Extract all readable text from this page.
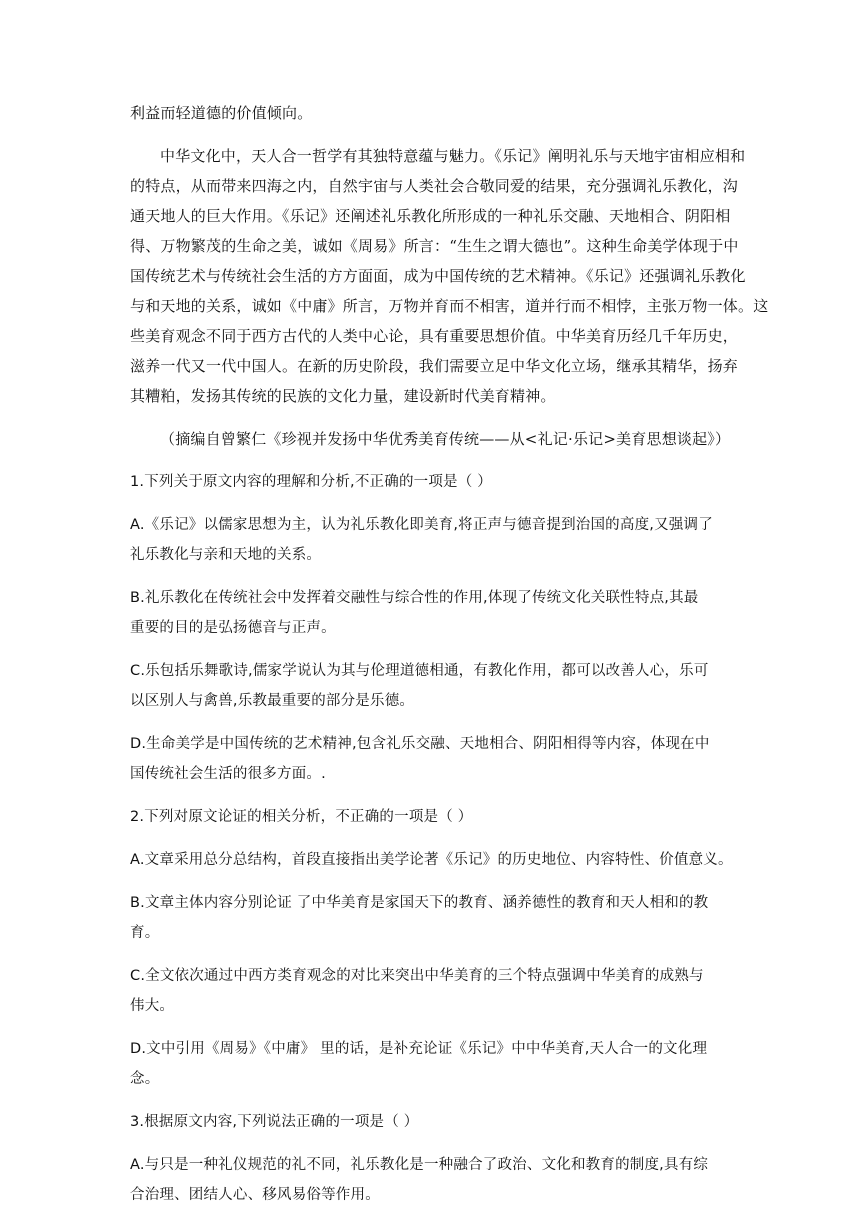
利益而轻道德的价值倾向。
中华文化中，天人合一哲学有其独特意蕴与魅力。《乐记》阐明礼乐与天地宇宙相应相和
的特点，从而带来四海之内，自然宇宙与人类社会合敬同爱的结果，充分强调礼乐教化，沟
通天地人的巨大作用。《乐记》还阐述礼乐教化所形成的一种礼乐交融、天地相合、阴阳相
得、万物繁茂的生命之美，诚如《周易》所言：“生生之谓大德也”。这种生命美学体现于中
国传统艺术与传统社会生活的方方面面，成为中国传统的艺术精神。《乐记》还强调礼乐教化
与和天地的关系，诚如《中庸》所言，万物并育而不相害，道并行而不相悖，主张万物一体。这
些美育观念不同于西方古代的人类中心论，具有重要思想价值。中华美育历经几千年历史，
滋养一代又一代中国人。在新的历史阶段，我们需要立足中华文化立场，继承其精华，扬弃
其糟粕，发扬其传统的民族的文化力量，建设新时代美育精神。
（摘编自曾繁仁《珍视并发扬中华优秀美育传统——从<礼记·乐记>美育思想谈起》）
1.下列关于原文内容的理解和分析,不正确的一项是（ ）
A.《乐记》以儒家思想为主，认为礼乐教化即美育,将正声与德音提到治国的高度,又强调了
礼乐教化与亲和天地的关系。
B.礼乐教化在传统社会中发挥着交融性与综合性的作用,体现了传统文化关联性特点,其最
重要的目的是弘扬德音与正声。
C.乐包括乐舞歌诗,儒家学说认为其与伦理道德相通，有教化作用，都可以改善人心，乐可
以区别人与禽兽,乐教最重要的部分是乐德。
D.生命美学是中国传统的艺术精神,包含礼乐交融、天地相合、阴阳相得等内容，体现在中
国传统社会生活的很多方面。.
2.下列对原文论证的相关分析，不正确的一项是（ ）
A.文章采用总分总结构，首段直接指出美学论著《乐记》的历史地位、内容特性、价值意义。
B.文章主体内容分别论证 了中华美育是家国天下的教育、涵养德性的教育和天人相和的教
育。
C.全文依次通过中西方类育观念的对比来突出中华美育的三个特点强调中华美育的成熟与
伟大。
D.文中引用《周易》《中庸》 里的话，是补充论证《乐记》中中华美育,天人合一的文化理
念。
3.根据原文内容,下列说法正确的一项是（ ）
A.与只是一种礼仪规范的礼不同，礼乐教化是一种融合了政治、文化和教育的制度,具有综
合治理、团结人心、移风易俗等作用。
